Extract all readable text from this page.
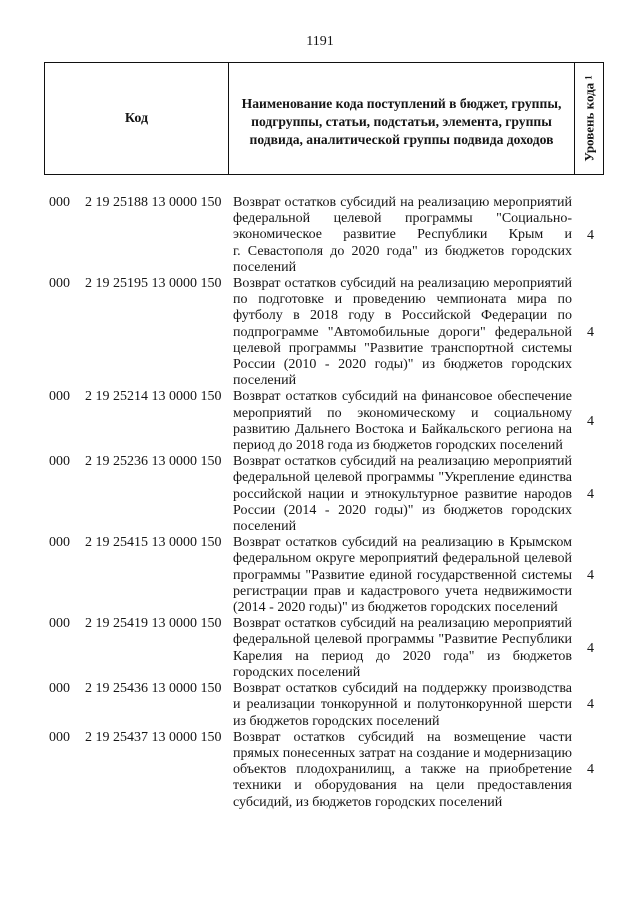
1191
Код
Наименование кода поступлений в бюджет, группы,
подгруппы, статьи, подстатьи, элемента, группы
подвида, аналитической группы подвида доходов Уровень кода
$^1$
000 2 19 25188 13 0000 150 Возврат остатков субсидий на реализацию мероприятий
федеральной целевой программы "Социально-
экономическое развитие Республики Крым и
г. Севастополя до 2020 года" из бюджетов городских
поселений
4
000 2 19 25195 13 0000 150 Возврат остатков субсидий на реализацию мероприятий
по подготовке и проведению чемпионата мира по
футболу в 2018 году в Российской Федерации по
подпрограмме "Автомобильные дороги" федеральной
целевой программы "Развитие транспортной системы
России (2010 - 2020 годы)" из бюджетов городских
поселений
4
000 2 19 25214 13 0000 150 Возврат остатков субсидий на финансовое обеспечение
мероприятий по экономическому и социальному
развитию Дальнего Востока и Байкальского региона на
период до 2018 года из бюджетов городских поселений
4
000 2 19 25236 13 0000 150 Возврат остатков субсидий на реализацию мероприятий
федеральной целевой программы "Укрепление единства
российской нации и этнокультурное развитие народов
России (2014 - 2020 годы)" из бюджетов городских
поселений
4
000 2 19 25415 13 0000 150 Возврат остатков субсидий на реализацию в Крымском
федеральном округе мероприятий федеральной целевой
программы "Развитие единой государственной системы
регистрации прав и кадастрового учета недвижимости
(2014 - 2020 годы)" из бюджетов городских поселений
4
000 2 19 25419 13 0000 150 Возврат остатков субсидий на реализацию мероприятий
федеральной целевой программы "Развитие Республики
Карелия на период до 2020 года" из бюджетов
городских поселений
4
000 2 19 25436 13 0000 150 Возврат остатков субсидий на поддержку производства
и реализации тонкорунной и полутонкорунной шерсти
из бюджетов городских поселений
4
000 2 19 25437 13 0000 150 Возврат остатков субсидий на возмещение части
прямых понесенных затрат на создание и модернизацию
объектов плодохранилищ, а также на приобретение
техники и оборудования на цели предоставления
субсидий, из бюджетов городских поселений
4
